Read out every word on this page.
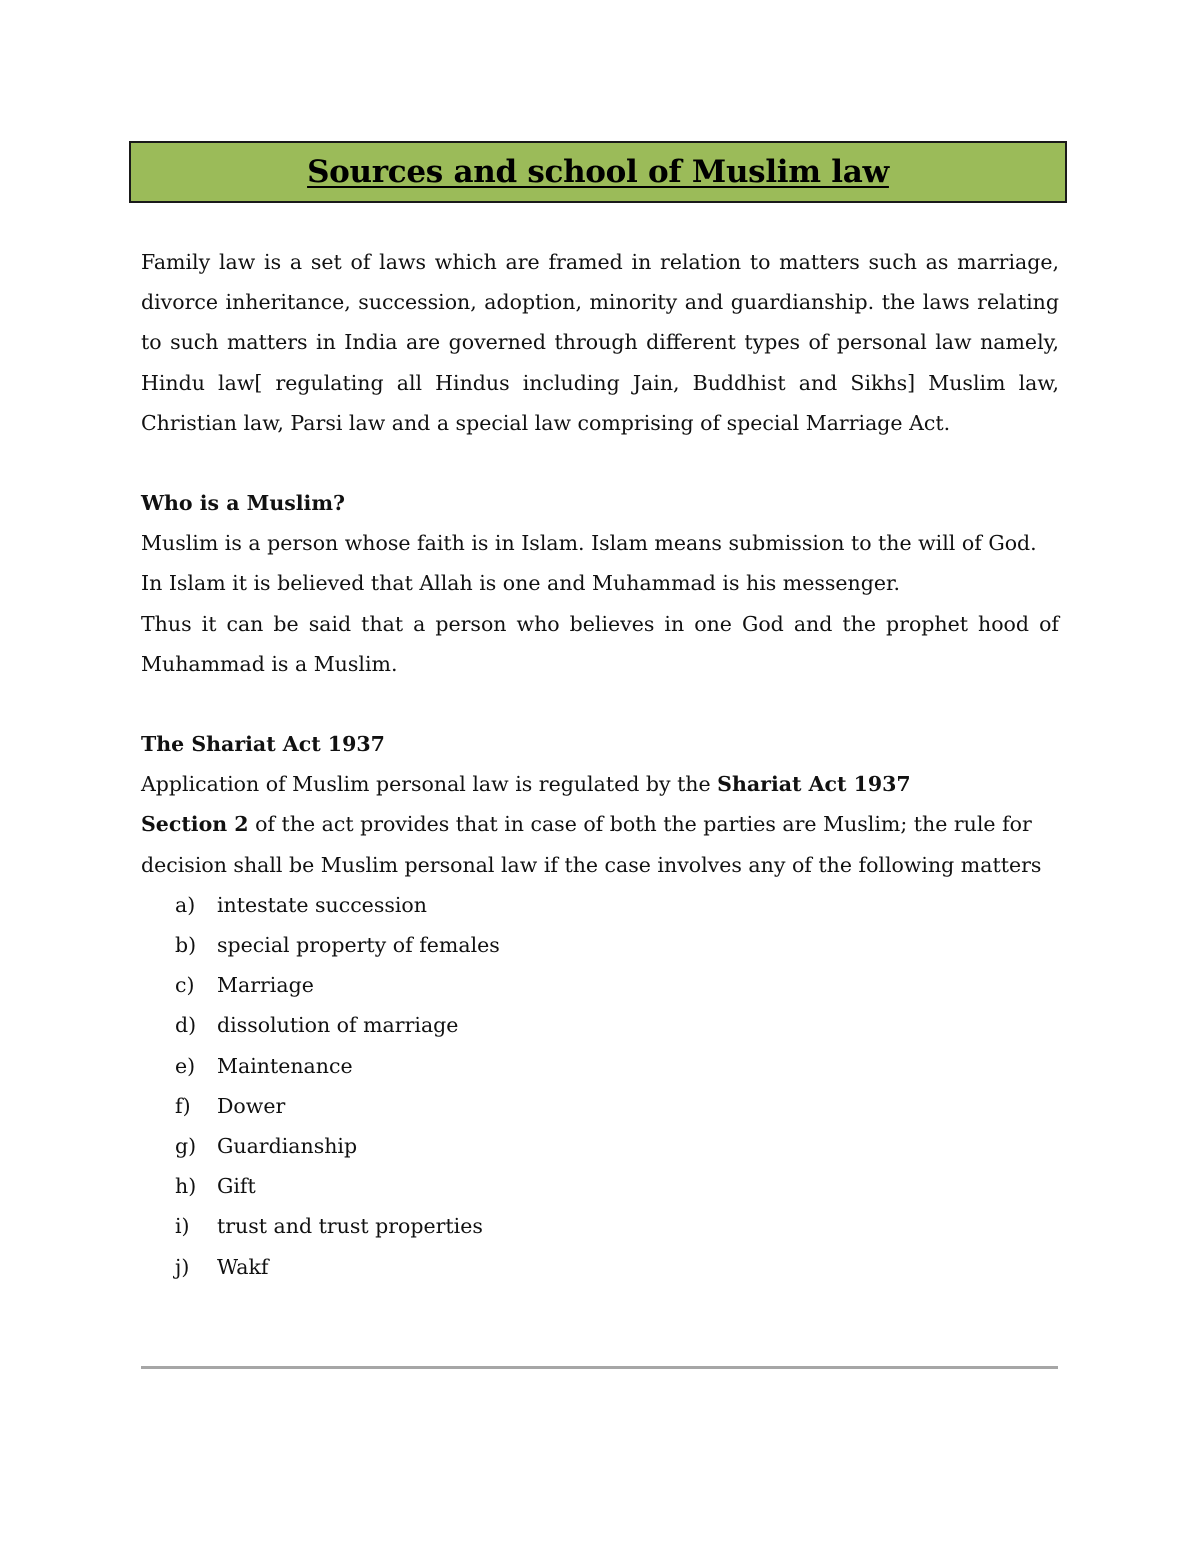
Sources and school of Muslim law

Family law is a set of laws which are framed in relation to matters such as marriage, divorce inheritance, succession, adoption, minority and guardianship. the laws relating to such matters in India are governed through different types of personal law namely, Hindu law[ regulating all Hindus including Jain, Buddhist and Sikhs] Muslim law, Christian law, Parsi law and a special law comprising of special Marriage Act.

Who is a Muslim?

Muslim is a person whose faith is in Islam. Islam means submission to the will of God. In Islam it is believed that Allah is one and Muhammad is his messenger.

Thus it can be said that a person who believes in one God and the prophet hood of Muhammad is a Muslim.

The Shariat Act 1937

Application of Muslim personal law is regulated by the Shariat Act 1937

Section 2 of the act provides that in case of both the parties are Muslim; the rule for decision shall be Muslim personal law if the case involves any of the following matters

a)	intestate succession
b)	special property of females
c)	Marriage
d)	dissolution of marriage
e)	Maintenance
f)	Dower
g)	Guardianship
h)	Gift
i)	trust and trust properties
j)	Wakf
